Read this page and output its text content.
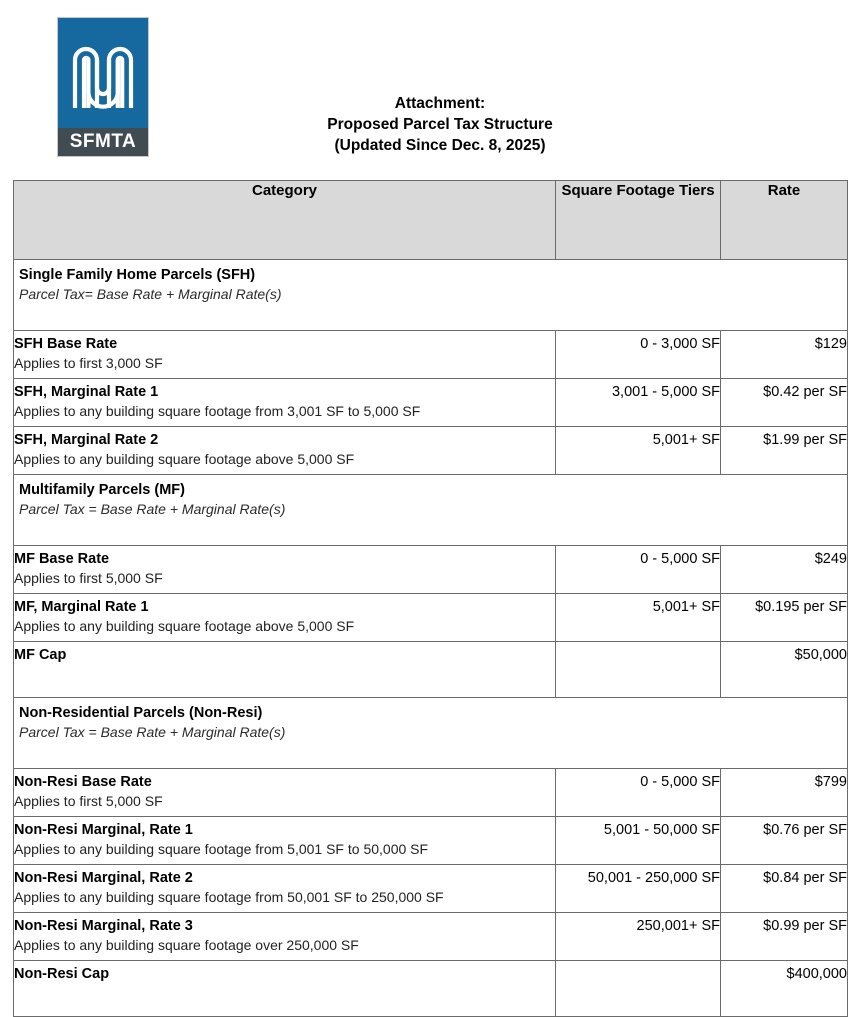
SFMTA
Attachment:
Proposed Parcel Tax Structure
(Updated Since Dec. 8, 2025)
Category	Square Footage Tiers	Rate

Single Family Home Parcels (SFH)
Parcel Tax= Base Rate + Marginal Rate(s)		

SFH Base Rate
Applies to first 3,000 SF	0 - 3,000 SF	$129

SFH, Marginal Rate 1
Applies to any building square footage from 3,001 SF to 5,000 SF	3,001 - 5,000 SF	$0.42 per SF

SFH, Marginal Rate 2
Applies to any building square footage above 5,000 SF	5,001+ SF	$1.99 per SF

Multifamily Parcels (MF)
Parcel Tax = Base Rate + Marginal Rate(s)		

MF Base Rate
Applies to first 5,000 SF	0 - 5,000 SF	$249

MF, Marginal Rate 1
Applies to any building square footage above 5,000 SF	5,001+ SF	$0.195 per SF

MF Cap		$50,000

Non-Residential Parcels (Non-Resi)
Parcel Tax = Base Rate + Marginal Rate(s)		

Non-Resi Base Rate
Applies to first 5,000 SF	0 - 5,000 SF	$799

Non-Resi Marginal, Rate 1
Applies to any building square footage from 5,001 SF to 50,000 SF	5,001 - 50,000 SF	$0.76 per SF

Non-Resi Marginal, Rate 2
Applies to any building square footage from 50,001 SF to 250,000 SF	50,001 - 250,000 SF	$0.84 per SF

Non-Resi Marginal, Rate 3
Applies to any building square footage over 250,000 SF	250,001+ SF	$0.99 per SF

Non-Resi Cap		$400,000
